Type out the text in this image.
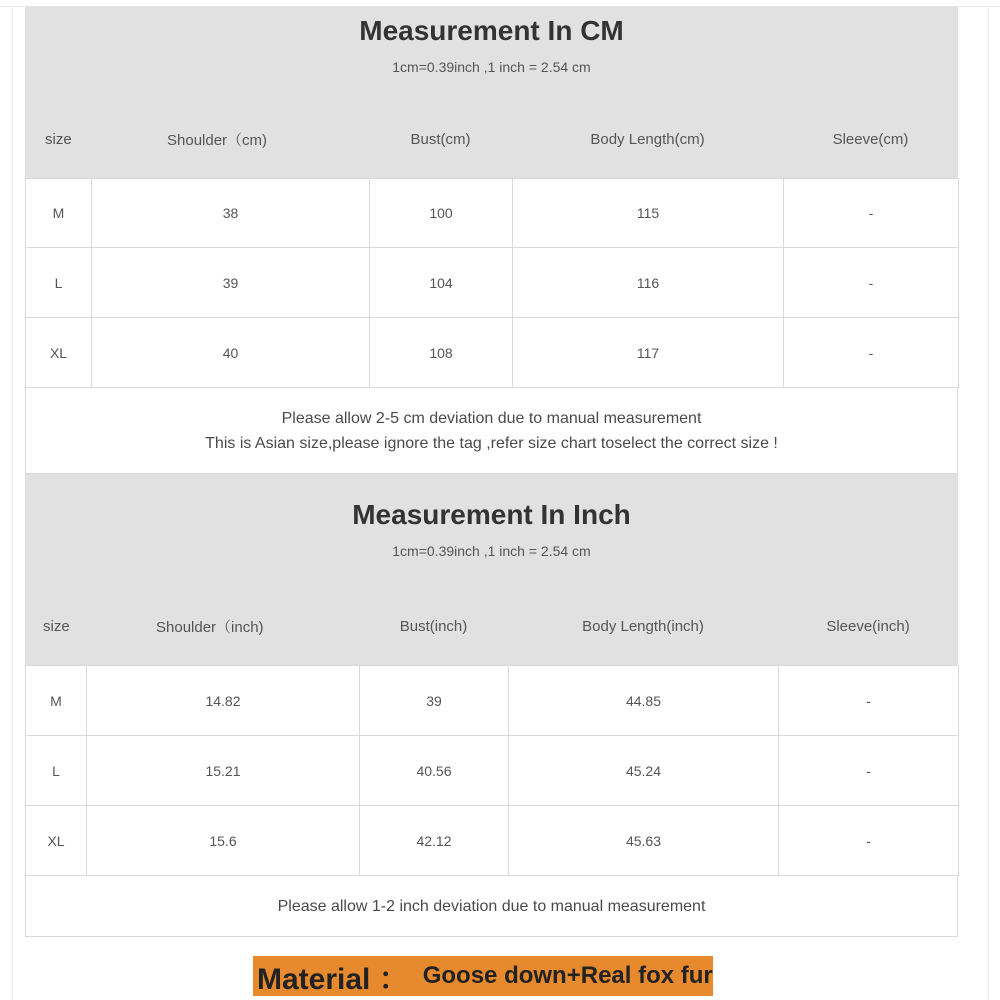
Measurement In CM
1cm=0.39inch ,1 inch = 2.54 cm
size	Shoulder（cm)	Bust(cm)	Body Length(cm)	Sleeve(cm)
M	38	100	115	-
L	39	104	116	-
XL	40	108	117	-
Please allow 2-5 cm deviation due to manual measurement
This is Asian size,please ignore the tag ,refer size chart toselect the correct size !
Measurement In Inch
1cm=0.39inch ,1 inch = 2.54 cm
size	Shoulder（inch)	Bust(inch)	Body Length(inch)	Sleeve(inch)
M	14.82	39	44.85	-
L	15.21	40.56	45.24	-
XL	15.6	42.12	45.63	-
Please allow 1-2 inch deviation due to manual measurement
Material ： Goose down+Real fox fur
